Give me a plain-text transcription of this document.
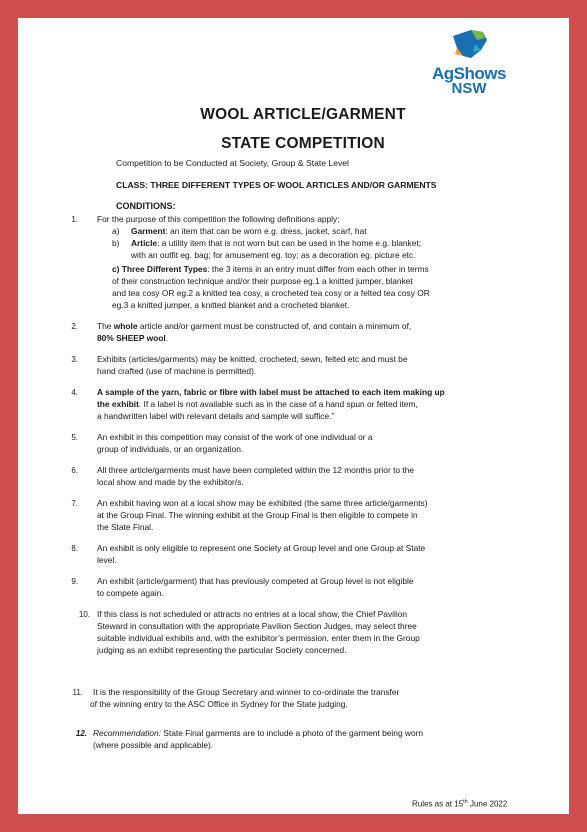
AgShows
NSW
WOOL ARTICLE/GARMENT
STATE COMPETITION
Competition to be Conducted at Society, Group & State Level
CLASS: THREE DIFFERENT TYPES OF WOOL ARTICLES AND/OR GARMENTS
CONDITIONS:
1. For the purpose of this competition the following definitions apply:
a) Garment: an item that can be worn e.g. dress, jacket, scarf, hat
b) Article: a utility item that is not worn but can be used in the home e.g. blanket;
with an outfit eg. bag; for amusement eg. toy; as a decoration eg. picture etc.
c) Three Different Types: the 3 items in an entry must differ from each other in terms
of their construction technique and/or their purpose eg.1 a knitted jumper, blanket
and tea cosy OR eg.2 a knitted tea cosy, a crocheted tea cosy or a felted tea cosy OR
eg.3 a knitted jumper, a knitted blanket and a crocheted blanket.
2. The whole article and/or garment must be constructed of, and contain a minimum of,
80% SHEEP wool.
3. Exhibits (articles/garments) may be knitted, crocheted, sewn, felted etc and must be
hand crafted (use of machine is permitted).
4. A sample of the yarn, fabric or fibre with label must be attached to each item making up
the exhibit. If a label is not available such as in the case of a hand spun or felted item,
a handwritten label with relevant details and sample will suffice.”
5. An exhibit in this competition may consist of the work of one individual or a
group of individuals, or an organization.
6. All three article/garments must have been completed within the 12 months prior to the
local show and made by the exhibitor/s.
7. An exhibit having won at a local show may be exhibited (the same three article/garments)
at the Group Final. The winning exhibit at the Group Final is then eligible to compete in
the State Final.
8. An exhibit is only eligible to represent one Society at Group level and one Group at State
level.
9. An exhibit (article/garment) that has previously competed at Group level is not eligible
to compete again.
10. If this class is not scheduled or attracts no entries at a local show, the Chief Pavilion
Steward in consultation with the appropriate Pavilion Section Judges, may select three
suitable individual exhibits and, with the exhibitor’s permission, enter them in the Group
judging as an exhibit representing the particular Society concerned.
11. It is the responsibility of the Group Secretary and winner to co-ordinate the transfer
of the winning entry to the ASC Office in Sydney for the State judging.
12. Recommendation: State Final garments are to include a photo of the garment being worn
(where possible and applicable).
Rules as at 15th June 2022
